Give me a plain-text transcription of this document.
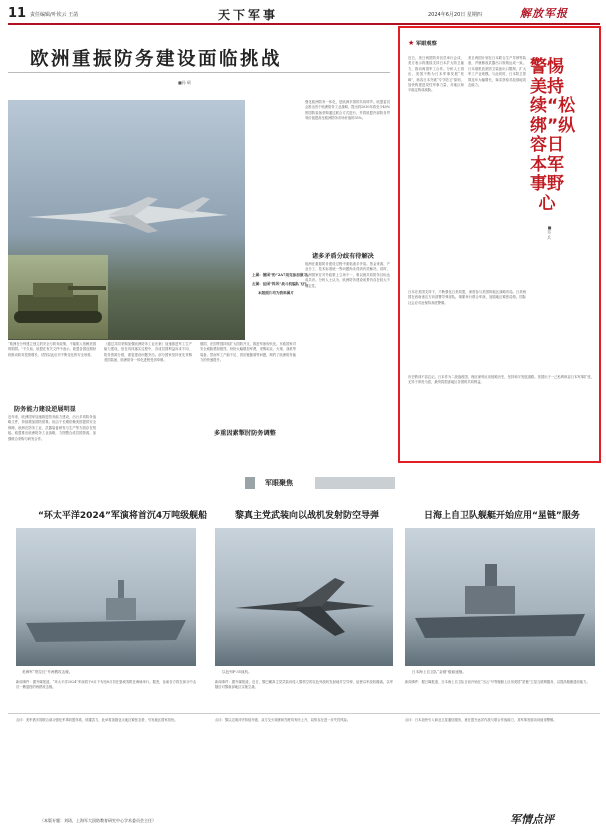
11 责任编辑/叶钦云 王菡	天下军事	2024年6月20日 星期四	解放军报
欧洲重振防务建设面临挑战
■孙 硕
上图：德国“豹”2A7坦克参加演习。
左图：法国“阵风”战斗机编队飞行。
本版照片均为资料图片
强化欧洲防务一体化，是欧洲多国的共同呼声。欧盟委员会推出首个欧洲防务工业战略，提出到2030年将至少40%的国防装备采购通过联合方式进行，并将欧盟内部防务贸易价值提高至欧洲防务市场价值的35%。
诸多矛盾分歧有待解决
欧洲在重振防务建设过程中面临诸多矛盾。资金来源、产业分工、技术标准统一等问题尚未得到有效解决。同时，欧洲国家在对外政策上立场不一，难以就共同防务目标达成共识。分析人士认为，欧洲防务建设前景仍存在较大不确定性。
“欧洲在分钟建立独立的安全与防务政策，不能陷入依赖美国的陷阱。”不久前，欧盟在有关文件中表示。欧盟各国近期纷纷推动防务投资增长，试图以此应对不断变化的安全形势。
防务能力建设逆展明显
近年来，欧洲国家加速推进防务能力建设，出台多项防务战略文件，持续增加国防预算。但由于长期依赖美国提供安全保障，欧洲在防务工业、武器装备研发与生产等方面存在短板。欧盟推出欧洲防务工业战略，力图整合成员国资源，加强联合采购与研发合作。
《通过共同采购加强欧洲防务工业法案》加速推进军工生产能力建设。但在具体落实过程中，各成员国利益诉求不同，防务资源分散，重复建设问题突出。部分国家坚持优先采购美国装备，欧洲防务一体化进程受到牵制。
德国、法国等国持续扩大国防开支，推进军备现代化。东欧国家对安全威胁感知强烈，纷纷大幅增加军费，采购坦克、火炮、战机等装备。然而军工产能不足、供应链脆弱等问题，制约了欧洲防务能力的快速提升。
多重因素掣肘防务调整
★ 军眼观察
警惕美持续“松绑”纵容日本军事野心
■韦 兵
近日，美日两国防务官员举行会谈，美方表示将继续支持日本扩大防卫能力，推动两国军工合作。分析人士指出，美国不断为日本军事发展“松绑”，纵容日本突破“专守防卫”原则，加快构建进攻性军事力量，对地区和平稳定构成威胁。
美日两国计划在日本联合生产导弹等装备，并就修改武器出口规则达成一致。日本借机放宽防卫装备出口限制，扩大军工产业规模。与此同时，日本防卫预算连年大幅增长，谋求获取对敌基地攻击能力。
日本在美国支持下，不断强化日美同盟，深度参与美国的地区战略布局。日美两国在西南诸岛方向部署导弹部队，频繁举行联合军演，加剧地区紧张局势。国际社会应对此保持高度警惕。
历史教训不容忘记。日本作为二战战败国，理应深刻反省侵略历史，坚持和平发展道路。美国出于一己私利纵容日本军事扩张，无异于养虎为患，最终将损害地区各国的共同利益。
军眼聚焦
“环太平洋2024”军演将首沉4万吨级舰船
美海军“塔拉瓦”号两栖攻击舰。
新闻事件：据外媒报道，“环太平洋2024”军演将于6月下旬至8月初在夏威夷附近海域举行。据悉，参演各方将在演习中击沉一艘退役的两栖攻击舰。
黎真主党武装向以战机发射防空导弹
以色列F-35战机。
新闻事件：据外媒报道，近日，黎巴嫩真主党武装向侵入黎领空的以色列战机发射地对空导弹，迫使以军战机撤离。以军随后对黎南部地区实施空袭。
日海上自卫队舰艇开始应用“星链”服务
日本海上自卫队“金刚”级驱逐舰。
新闻事件：据日媒报道，日本海上自卫队日前开始在“出云”号等舰艇上应用美国“星链”卫星互联网服务，以提高舰艇通信能力。
点评：美军借多国联合演习强化军事同盟体系，炫耀武力，此举将加剧亚太地区紧张态势，引发地区国家担忧。	点评：黎以边境冲突持续升级，双方交火频度和烈度均有所上升，局势存在进一步失控风险。	点评：日本加快引入商业卫星通信服务，意在提升远洋作战与联合作战能力，其军事发展动向值得警惕。
（本版专题：刘琦，上海军大国防教育研究中心学术委员会主任）	军情点评
